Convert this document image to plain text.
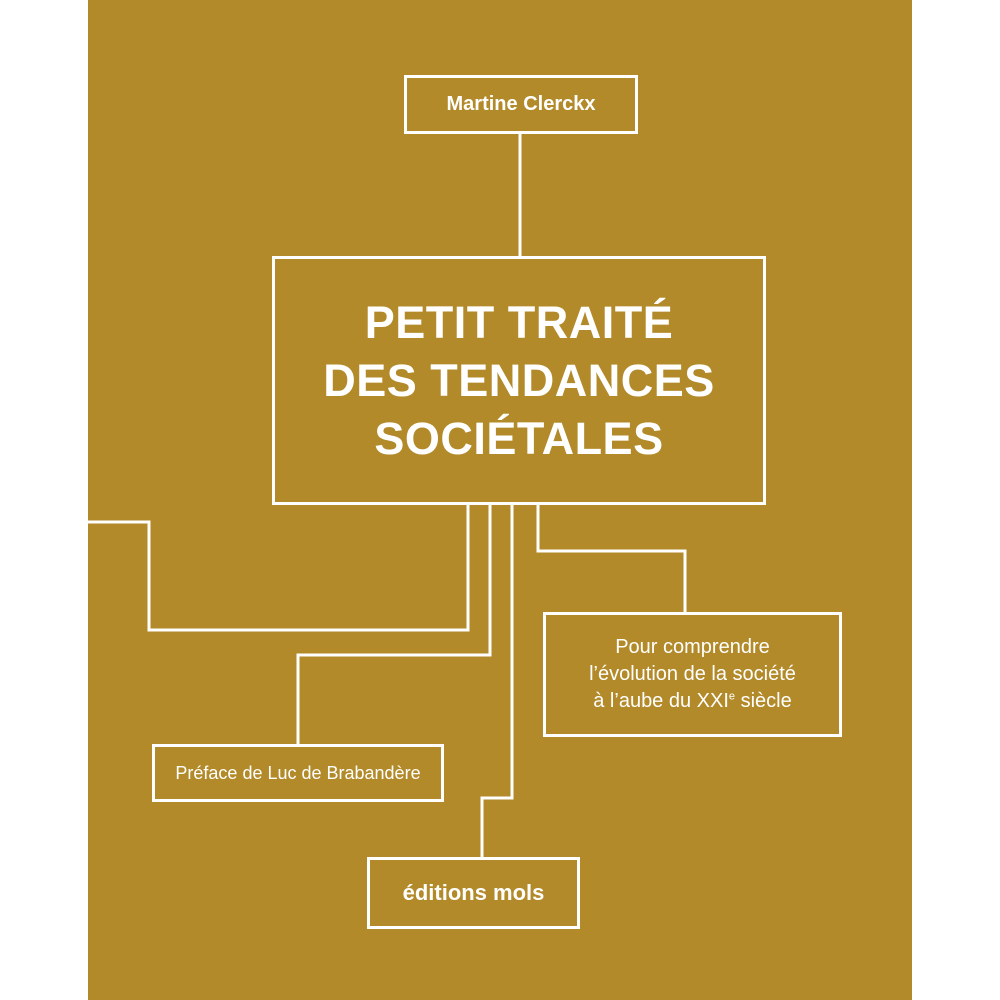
Martine Clerckx
PETIT TRAITÉ
DES TENDANCES
SOCIÉTALES
Pour comprendre
l’évolution de la société
à l’aube du XXIe siècle
Préface de Luc de Brabandère
éditions mols
